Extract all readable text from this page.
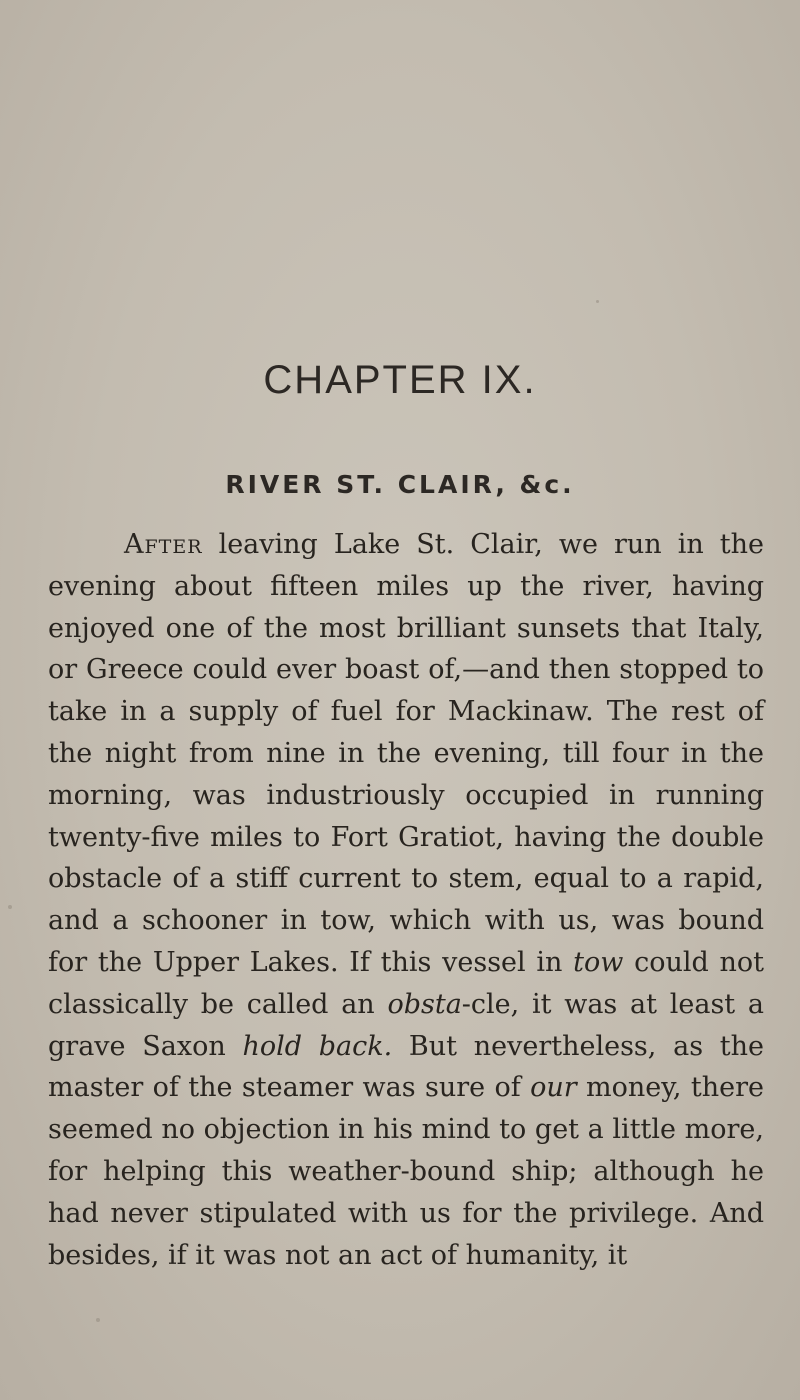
CHAPTER IX.
RIVER ST. CLAIR, &c.
After leaving Lake St. Clair, we run in the evening about fifteen miles up the river, having enjoyed one of the most brilliant sunsets that Italy, or Greece could ever boast of,—and then stopped to take in a supply of fuel for Mackinaw. The rest of the night from nine in the evening, till four in the morning, was industriously occupied in running twenty-five miles to Fort Gratiot, having the double obstacle of a stiff current to stem, equal to a rapid, and a schooner in tow, which with us, was bound for the Upper Lakes. If this vessel in tow could not classically be called an obsta-cle, it was at least a grave Saxon hold back. But nevertheless, as the master of the steamer was sure of our money, there seemed no objection in his mind to get a little more, for helping this weather-bound ship; although he had never stipulated with us for the privilege. And besides, if it was not an act of humanity, it
